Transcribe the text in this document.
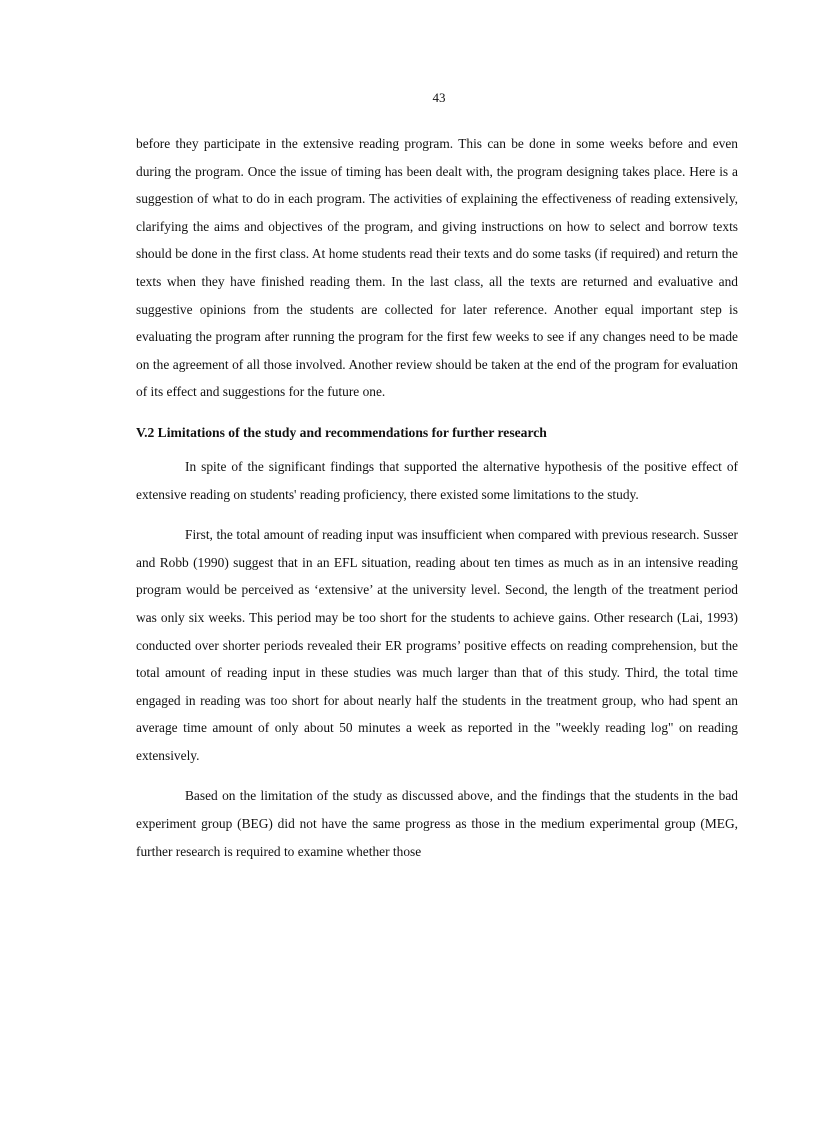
43

before they participate in the extensive reading program. This can be done in some weeks before and even during the program. Once the issue of timing has been dealt with, the program designing takes place. Here is a suggestion of what to do in each program. The activities of explaining the effectiveness of reading extensively, clarifying the aims and objectives of the program, and giving instructions on how to select and borrow texts should be done in the first class. At home students read their texts and do some tasks (if required) and return the texts when they have finished reading them. In the last class, all the texts are returned and evaluative and suggestive opinions from the students are collected for later reference. Another equal important step is evaluating the program after running the program for the first few weeks to see if any changes need to be made on the agreement of all those involved. Another review should be taken at the end of the program for evaluation of its effect and suggestions for the future one.

V.2 Limitations of the study and recommendations for further research

In spite of the significant findings that supported the alternative hypothesis of the positive effect of extensive reading on students' reading proficiency, there existed some limitations to the study.

First, the total amount of reading input was insufficient when compared with previous research. Susser and Robb (1990) suggest that in an EFL situation, reading about ten times as much as in an intensive reading program would be perceived as ‘extensive’ at the university level. Second, the length of the treatment period was only six weeks. This period may be too short for the students to achieve gains. Other research (Lai, 1993) conducted over shorter periods revealed their ER programs’ positive effects on reading comprehension, but the total amount of reading input in these studies was much larger than that of this study. Third, the total time engaged in reading was too short for about nearly half the students in the treatment group, who had spent an average time amount of only about 50 minutes a week as reported in the "weekly reading log" on reading extensively.

Based on the limitation of the study as discussed above, and the findings that the students in the bad experiment group (BEG) did not have the same progress as those in the medium experimental group (MEG, further research is required to examine whether those
